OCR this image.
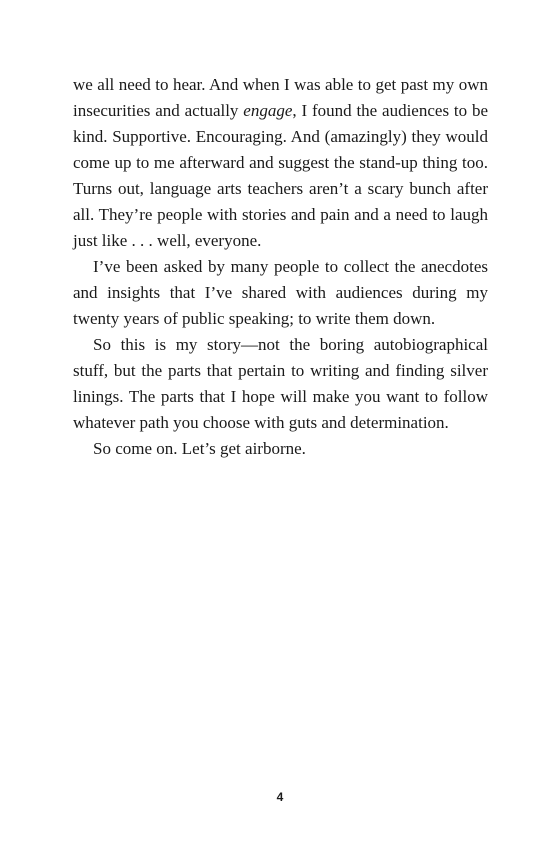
we all need to hear. And when I was able to get past my own insecurities and actually engage, I found the audiences to be kind. Supportive. Encouraging. And (amazingly) they would come up to me afterward and suggest the stand-up thing too. Turns out, language arts teachers aren’t a scary bunch after all. They’re people with stories and pain and a need to laugh just like . . . well, everyone.

I’ve been asked by many people to collect the anecdotes and insights that I’ve shared with audiences during my twenty years of public speaking; to write them down.

So this is my story—not the boring autobiographical stuff, but the parts that pertain to writing and finding silver linings. The parts that I hope will make you want to follow whatever path you choose with guts and determination.

So come on. Let’s get airborne.

4
